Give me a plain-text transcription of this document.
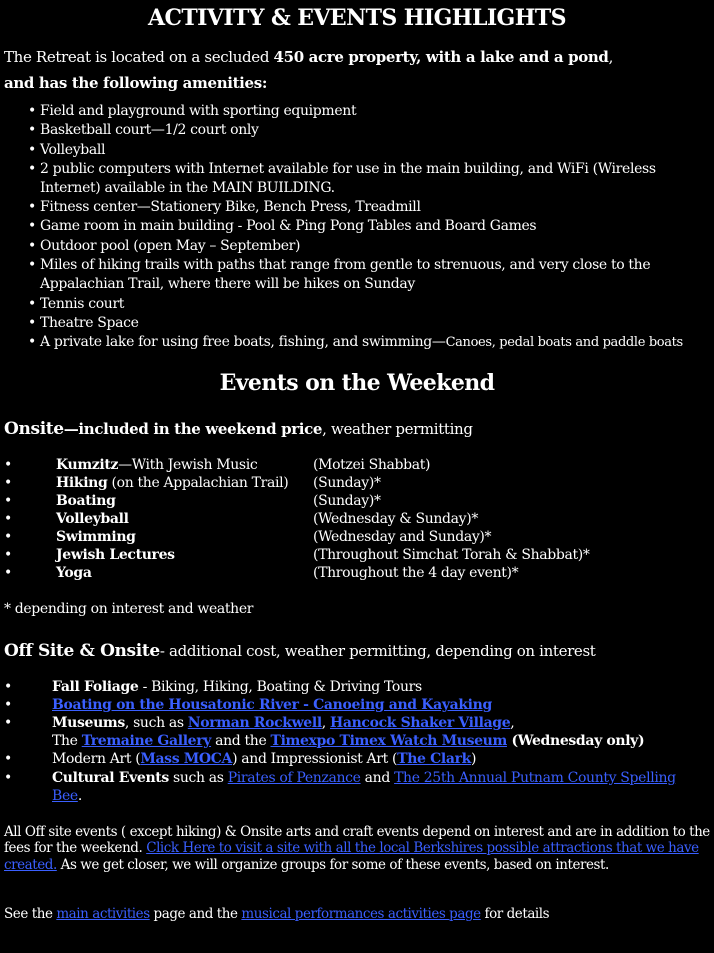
ACTIVITY & EVENTS HIGHLIGHTS
The Retreat is located on a secluded 450 acre property, with a lake and a pond,
and has the following amenities:
• Field and playground with sporting equipment
• Basketball court—1/2 court only
• Volleyball
• 2 public computers with Internet available for use in the main building, and WiFi (Wireless
Internet) available in the MAIN BUILDING.
• Fitness center—Stationery Bike, Bench Press, Treadmill
• Game room in main building - Pool & Ping Pong Tables and Board Games
• Outdoor pool (open May – September)
• Miles of hiking trails with paths that range from gentle to strenuous, and very close to the
Appalachian Trail, where there will be hikes on Sunday
• Tennis court
• Theatre Space
• A private lake for using free boats, fishing, and swimming—Canoes, pedal boats and paddle boats
Events on the Weekend
Onsite—included in the weekend price, weather permitting
•	Kumzitz—With Jewish Music	(Motzei Shabbat)
•	Hiking (on the Appalachian Trail) (Sunday)*
•	Boating	(Sunday)*
•	Volleyball	(Wednesday & Sunday)*
•	Swimming	(Wednesday and Sunday)*
•	Jewish Lectures	(Throughout Simchat Torah & Shabbat)*
•	Yoga	(Throughout the 4 day event)*
* depending on interest and weather
Off Site & Onsite- additional cost, weather permitting, depending on interest
•	Fall Foliage - Biking, Hiking, Boating & Driving Tours
•	Boating on the Housatonic River - Canoeing and Kayaking
•	Museums, such as Norman Rockwell, Hancock Shaker Village,
The Tremaine Gallery and the Timexpo Timex Watch Museum (Wednesday only)
•	Modern Art (Mass MOCA) and Impressionist Art (The Clark)
•	Cultural Events such as Pirates of Penzance and The 25th Annual Putnam County Spelling
Bee.
All Off site events ( except hiking) & Onsite arts and craft events depend on interest and are in addition to the
fees for the weekend. Click Here to visit a site with all the local Berkshires possible attractions that we have
created. As we get closer, we will organize groups for some of these events, based on interest.
See the main activities page and the musical performances activities page for details
